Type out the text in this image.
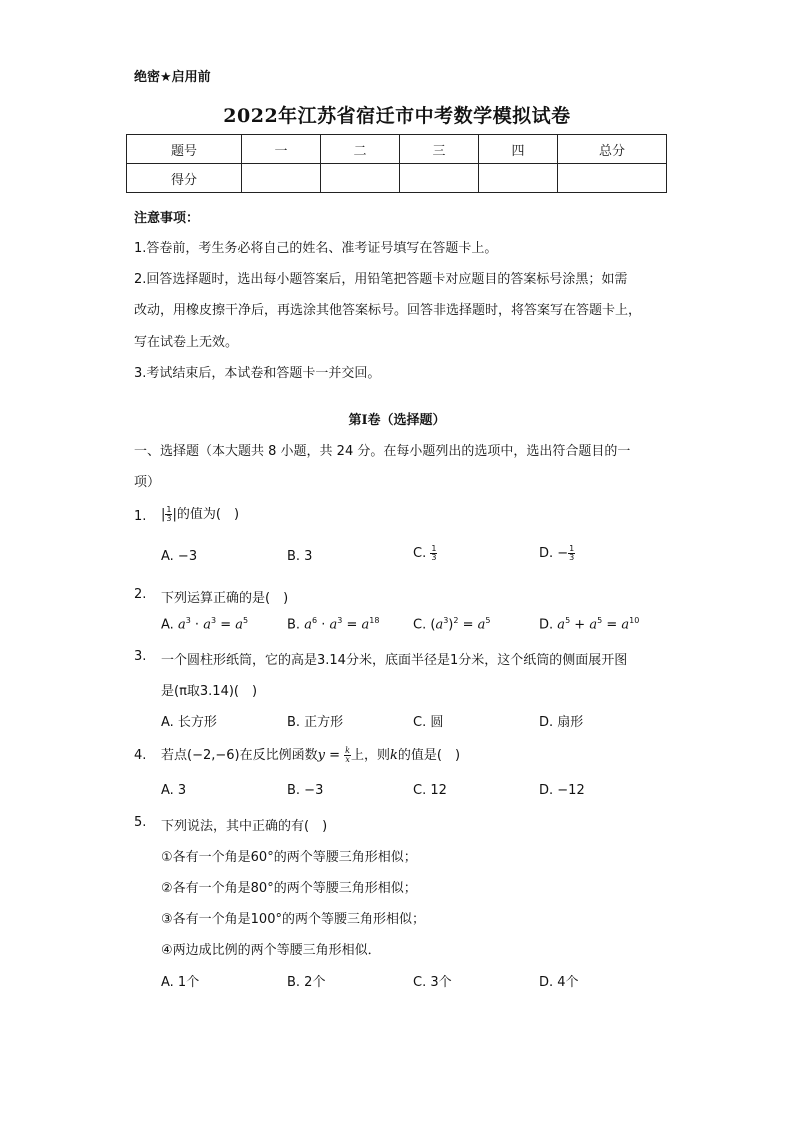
绝密★启用前
2022年江苏省宿迁市中考数学模拟试卷
题号	一	二	三	四	总分
得分					
注意事项：
1.答卷前，考生务必将自己的姓名、准考证号填写在答题卡上。
2.回答选择题时，选出每小题答案后，用铅笔把答题卡对应题目的答案标号涂黑；如需
改动，用橡皮擦干净后，再选涂其他答案标号。回答非选择题时，将答案写在答题卡上，
写在试卷上无效。
3.考试结束后，本试卷和答题卡一并交回。
第Ⅰ卷（选择题）
一、选择题（本大题共 8 小题，共 24 分。在每小题列出的选项中，选出符合题目的一
项）
1. | $\frac{1}{3}$ |的值为(　)
A. −3	B. 3	C. $\frac{1}{3}$	D. − $\frac{1}{3}$
2. 下列运算正确的是(　)
A. $a^3 \cdot a^3 = a^5$	B. $a^6 \cdot a^3 = a^{18}$	C. $(a^3)^2 = a^5$	D. $a^5 + a^5 = a^{10}$
3. 一个圆柱形纸筒，它的高是3.14分米，底面半径是1分米，这个纸筒的侧面展开图
是(π取3.14)(　)
A. 长方形	B. 正方形	C. 圆	D. 扇形
4. 若点(−2,−6)在反比例函数$y = \frac{k}{x}$ 上，则k的值是(　)
A. 3	B. −3	C. 12	D. −12
5. 下列说法，其中正确的有(　)
①各有一个角是60°的两个等腰三角形相似；
②各有一个角是80°的两个等腰三角形相似；
③各有一个角是100°的两个等腰三角形相似；
④两边成比例的两个等腰三角形相似．
A. 1个	B. 2个	C. 3个	D. 4个
